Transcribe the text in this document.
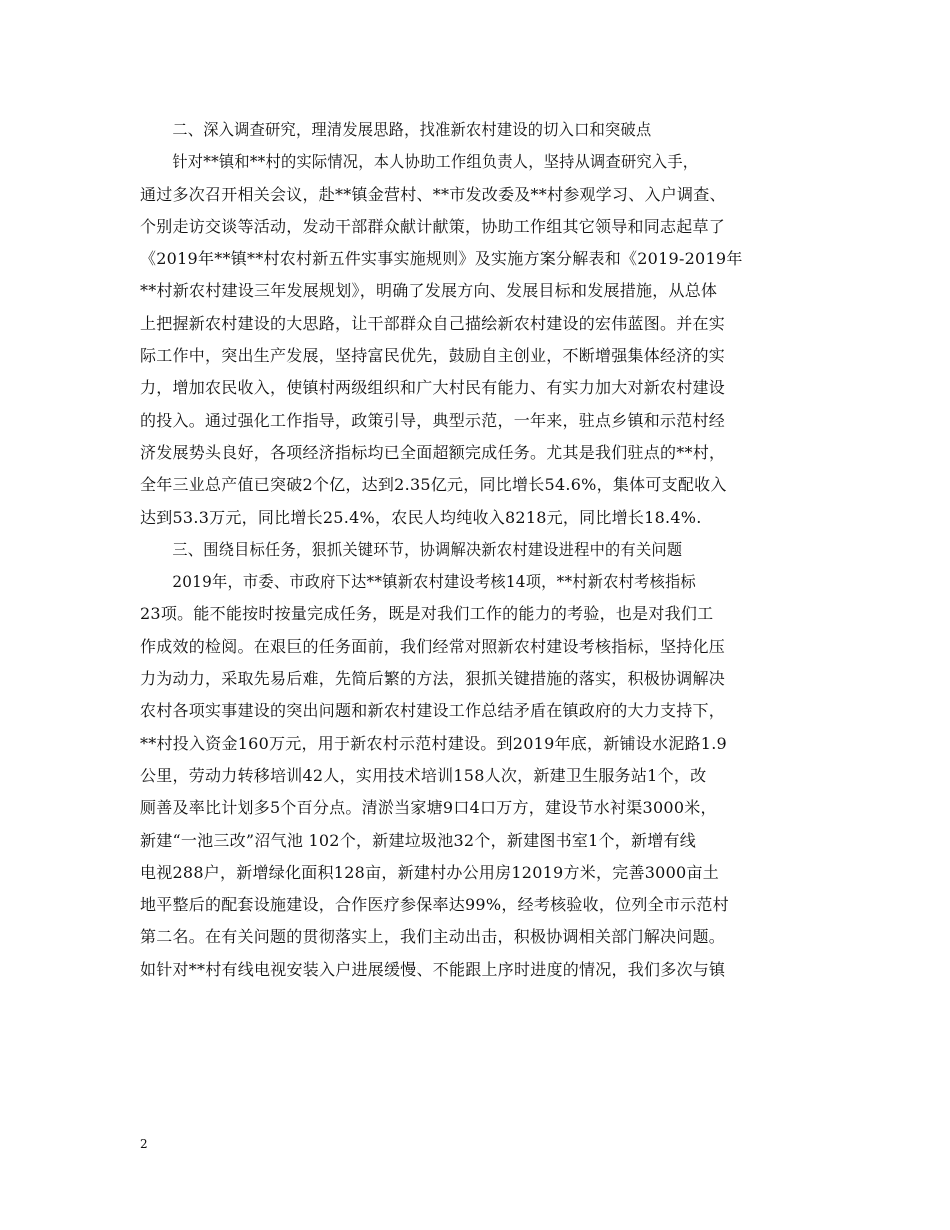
二、深入调查研究，理清发展思路，找准新农村建设的切入口和突破点
针对**镇和**村的实际情况，本人协助工作组负责人，坚持从调查研究入手，
通过多次召开相关会议，赴**镇金营村、**市发改委及**村参观学习、入户调查、
个别走访交谈等活动，发动干部群众献计献策，协助工作组其它领导和同志起草了
《2019年**镇**村农村新五件实事实施规则》及实施方案分解表和《2019-2019年
**村新农村建设三年发展规划》，明确了发展方向、发展目标和发展措施，从总体
上把握新农村建设的大思路，让干部群众自己描绘新农村建设的宏伟蓝图。并在实
际工作中，突出生产发展，坚持富民优先，鼓励自主创业，不断增强集体经济的实
力，增加农民收入，使镇村两级组织和广大村民有能力、有实力加大对新农村建设
的投入。通过强化工作指导，政策引导，典型示范，一年来，驻点乡镇和示范村经
济发展势头良好，各项经济指标均已全面超额完成任务。尤其是我们驻点的**村，
全年三业总产值已突破2个亿，达到2.35亿元，同比增长54.6%，集体可支配收入
达到53.3万元，同比增长25.4%，农民人均纯收入8218元，同比增长18.4%.
三、围绕目标任务，狠抓关键环节，协调解决新农村建设进程中的有关问题
2019年，市委、市政府下达**镇新农村建设考核14项，**村新农村考核指标
23项。能不能按时按量完成任务，既是对我们工作的能力的考验，也是对我们工
作成效的检阅。在艰巨的任务面前，我们经常对照新农村建设考核指标，坚持化压
力为动力，采取先易后难，先简后繁的方法，狠抓关键措施的落实，积极协调解决
农村各项实事建设的突出问题和新农村建设工作总结矛盾在镇政府的大力支持下，
**村投入资金160万元，用于新农村示范村建设。到2019年底，新铺设水泥路1.9
公里，劳动力转移培训42人，实用技术培训158人次，新建卫生服务站1个，改
厕善及率比计划多5个百分点。清淤当家塘9口4口万方，建设节水衬渠3000米，
新建“一池三改”沼气池 102个，新建垃圾池32个，新建图书室1个，新增有线
电视288户，新增绿化面积128亩，新建村办公用房12019方米，完善3000亩土
地平整后的配套设施建设，合作医疗参保率达99%，经考核验收，位列全市示范村
第二名。在有关问题的贯彻落实上，我们主动出击，积极协调相关部门解决问题。
如针对**村有线电视安装入户进展缓慢、不能跟上序时进度的情况，我们多次与镇
2
